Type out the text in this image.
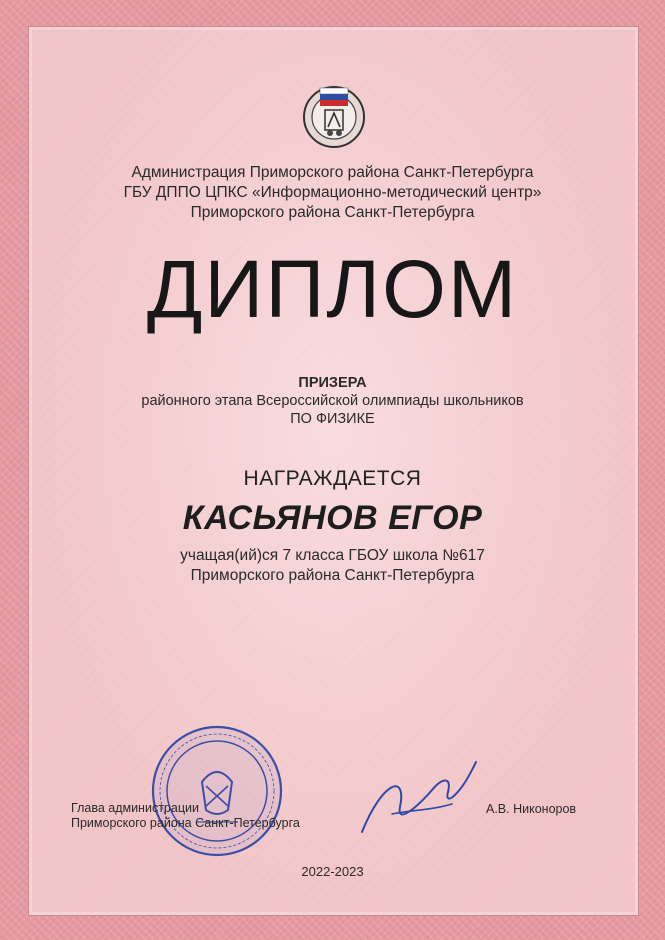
Администрация Приморского района Санкт-Петербурга
ГБУ ДППО ЦПКС «Информационно-методический центр»
Приморского района Санкт-Петербурга
ДИПЛОМ
ПРИЗЕРА
районного этапа Всероссийской олимпиады школьников
ПО ФИЗИКЕ
НАГРАЖДАЕТСЯ
КАСЬЯНОВ ЕГОР
учащая(ий)ся 7 класса ГБОУ школа №617
Приморского района Санкт-Петербурга
Глава администрации
Приморского района Санкт-Петербурга
А.В. Никоноров
2022-2023
